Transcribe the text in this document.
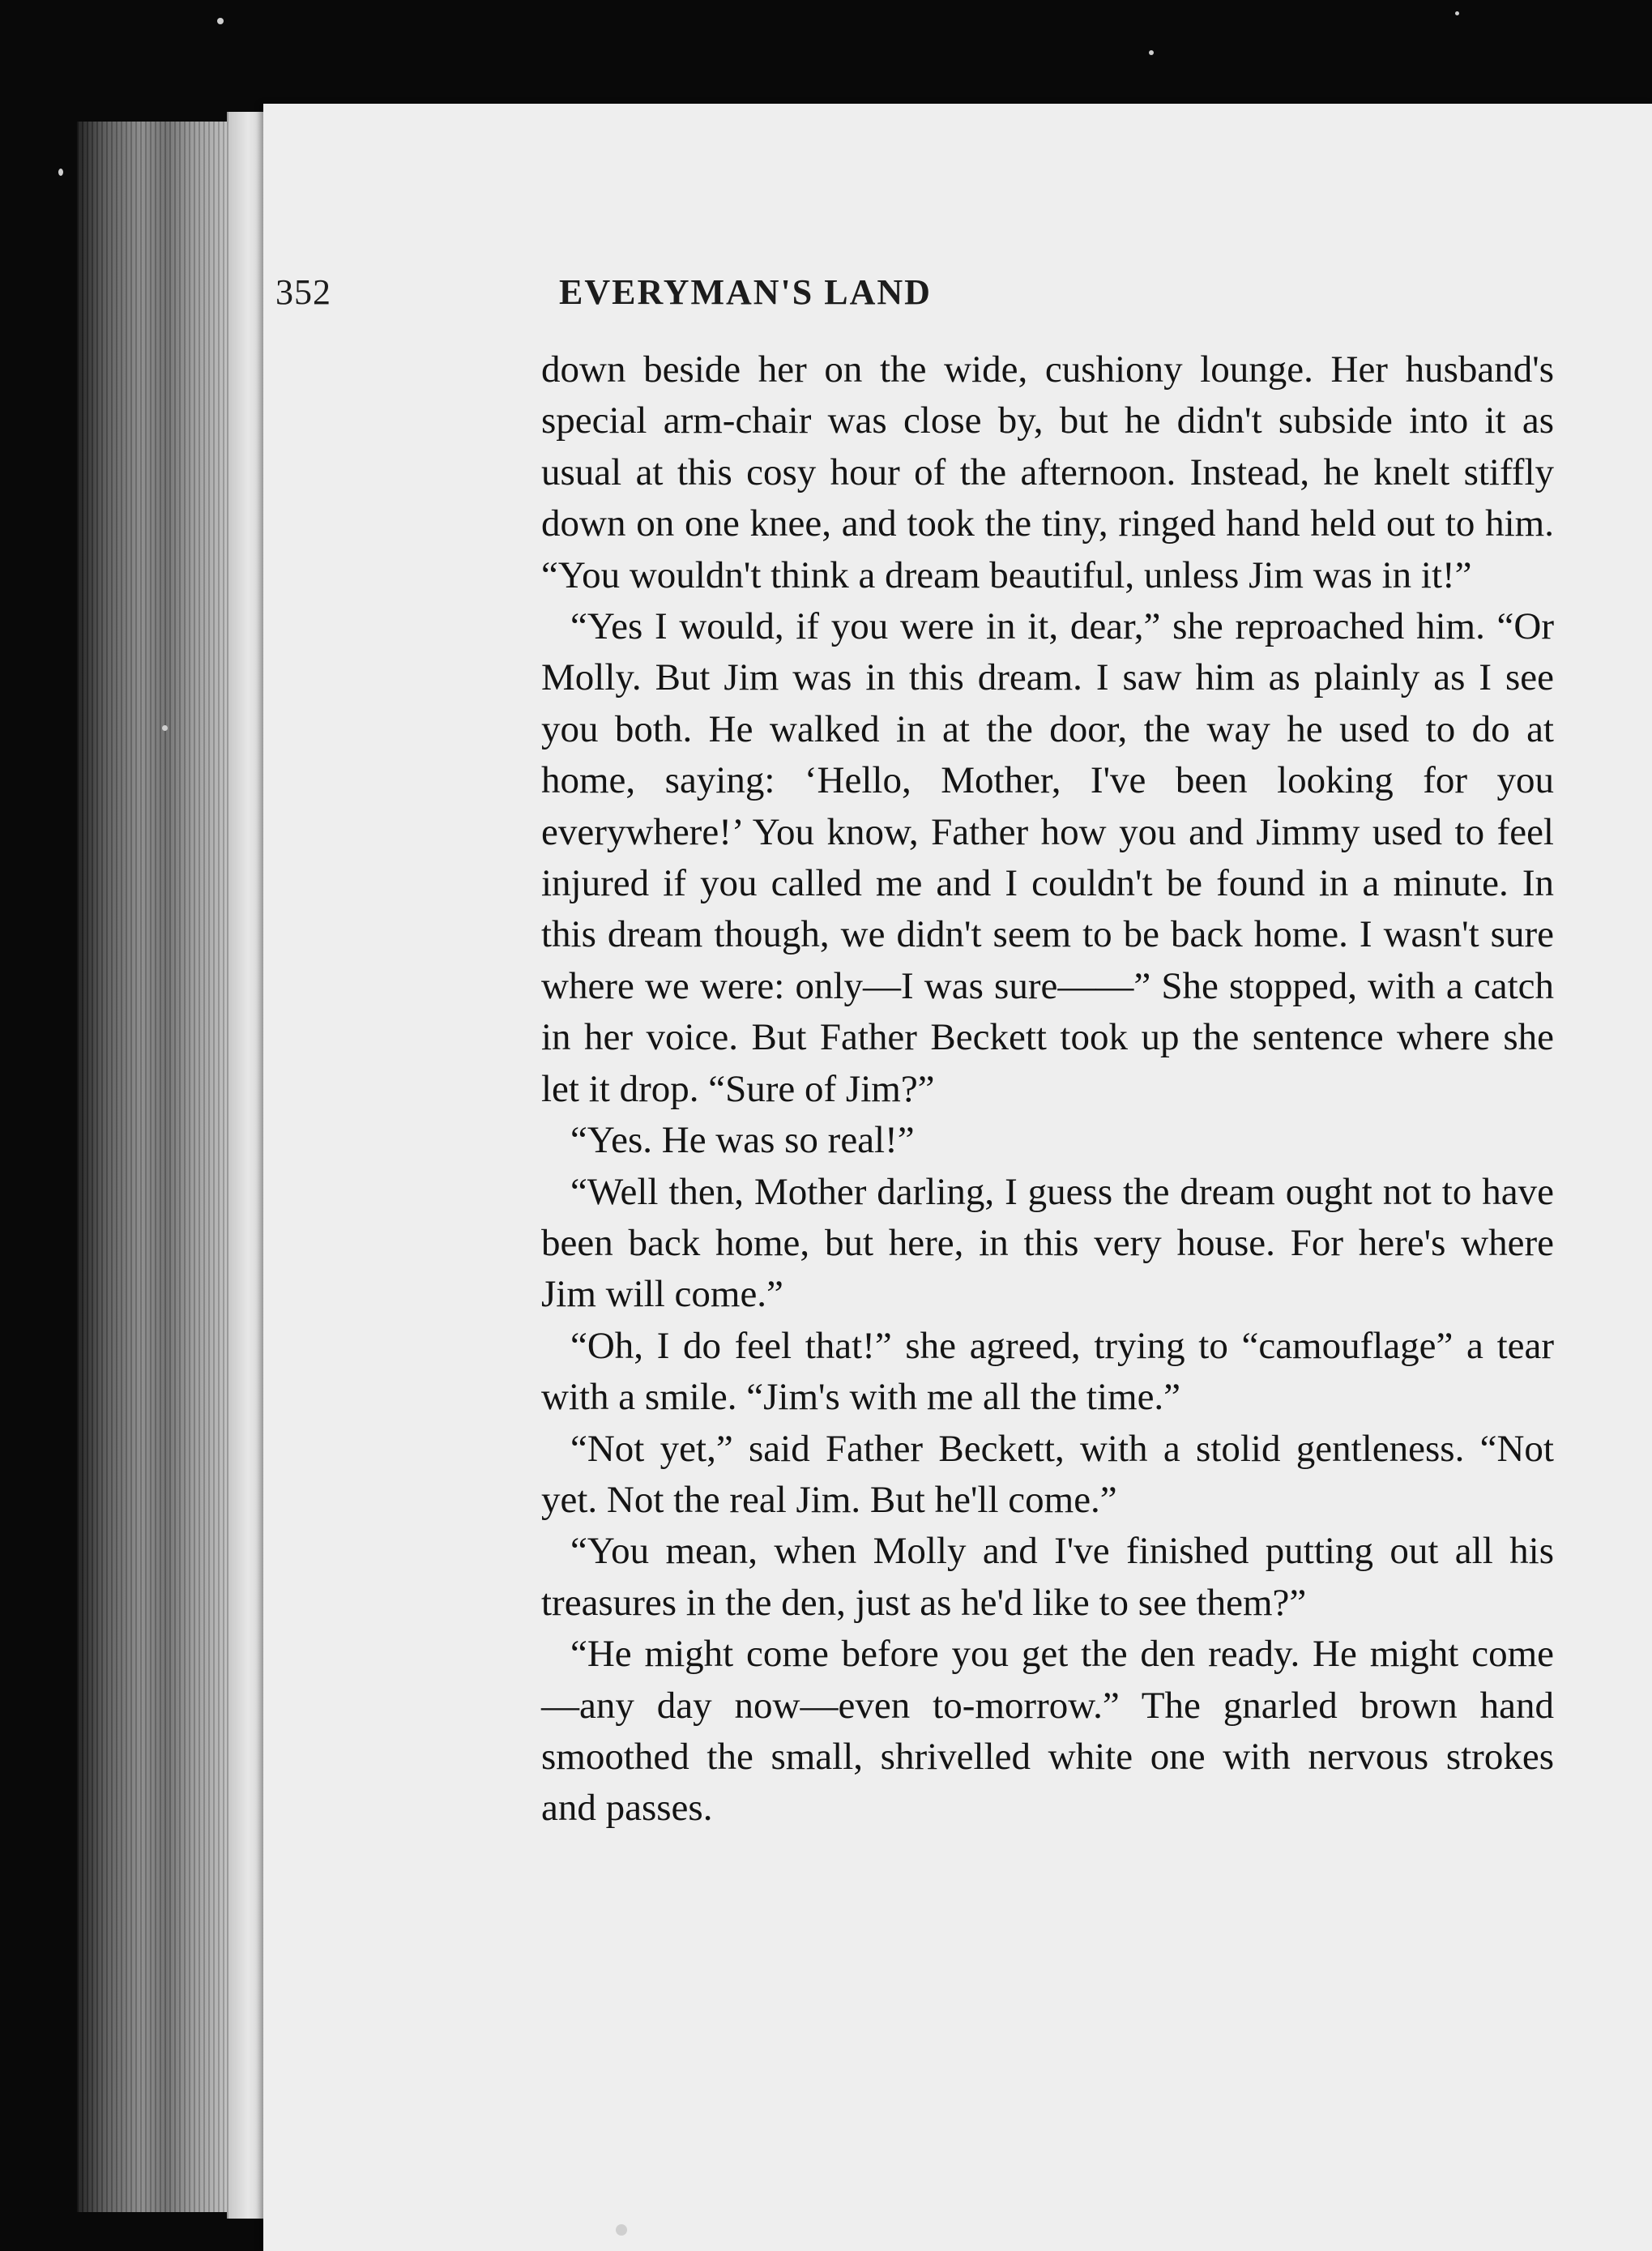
352	EVERYMAN'S LAND

down beside her on the wide, cushiony lounge. Her husband's special arm-chair was close by, but he didn't subside into it as usual at this cosy hour of the afternoon. Instead, he knelt stiffly down on one knee, and took the tiny, ringed hand held out to him. “You wouldn't think a dream beautiful, unless Jim was in it!”

“Yes I would, if you were in it, dear,” she reproached him. “Or Molly. But Jim was in this dream. I saw him as plainly as I see you both. He walked in at the door, the way he used to do at home, saying: ‘Hello, Mother, I've been looking for you everywhere!’ You know, Father how you and Jimmy used to feel injured if you called me and I couldn't be found in a minute. In this dream though, we didn't seem to be back home. I wasn't sure where we were: only—I was sure——” She stopped, with a catch in her voice. But Father Beckett took up the sentence where she let it drop. “Sure of Jim?”

“Yes. He was so real!”

“Well then, Mother darling, I guess the dream ought not to have been back home, but here, in this very house. For here's where Jim will come.”

“Oh, I do feel that!” she agreed, trying to “camouflage” a tear with a smile. “Jim's with me all the time.”

“Not yet,” said Father Beckett, with a stolid gentleness. “Not yet. Not the real Jim. But he'll come.”

“You mean, when Molly and I've finished putting out all his treasures in the den, just as he'd like to see them?”

“He might come before you get the den ready. He might come—any day now—even to-morrow.” The gnarled brown hand smoothed the small, shrivelled white one with nervous strokes and passes.
